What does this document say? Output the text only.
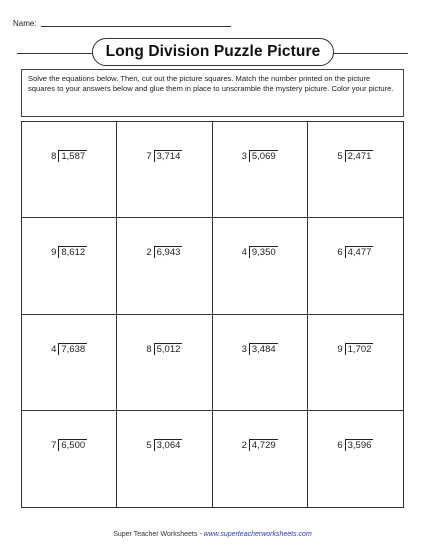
Name:
Long Division Puzzle Picture

Solve the equations below. Then, cut out the picture squares. Match the number printed on the picture squares to your answers below and glue them in place to unscramble the mystery picture. Color your picture.

8 1,587	7 3,714	3 5,069	5 2,471
9 8,612	2 6,943	4 9,350	6 4,477
4 7,638	8 5,012	3 3,484	9 1,702
7 6,500	5 3,064	2 4,729	6 3,596
Super Teacher Worksheets - www.superteacherworksheets.com
